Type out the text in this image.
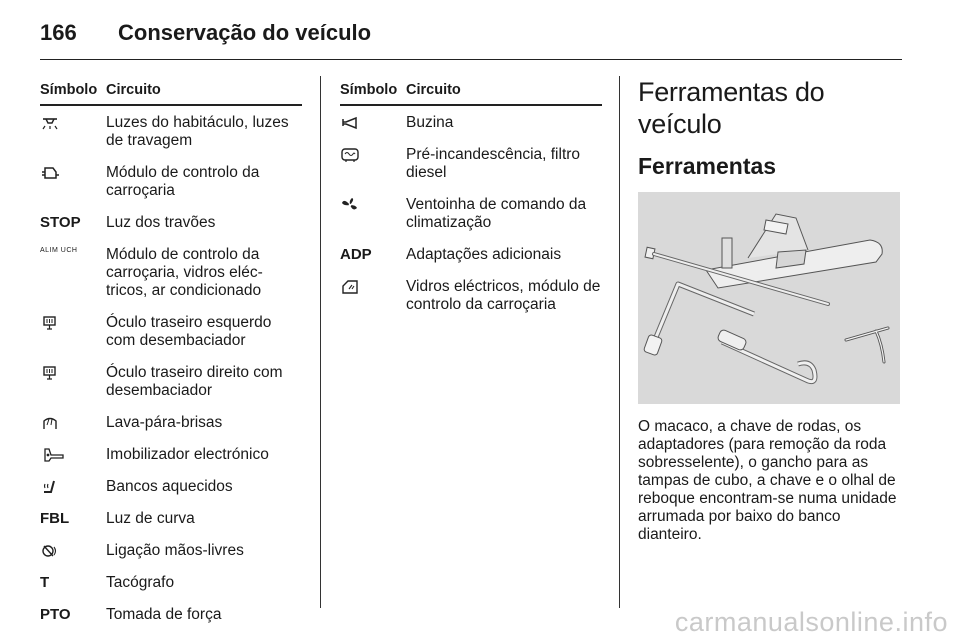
166 Conservação do veículo
Símbolo Circuito
Luzes do habitáculo, luzes de travagem
Módulo de controlo da carroçaria
STOP	Luz dos travões
ALIM UCH	Módulo de controlo da carroçaria, vidros eléc-tricos, ar condicionado
Óculo traseiro esquerdo com desembaciador
Óculo traseiro direito com desembaciador
Lava-pára-brisas
Imobilizador electrónico
Bancos aquecidos
FBL	Luz de curva
Ligação mãos-livres
T	Tacógrafo
PTO	Tomada de força
Símbolo Circuito
Buzina
Pré-incandescência, filtro diesel
Ventoinha de comando da climatização
ADP	Adaptações adicionais
Vidros eléctricos, módulo de controlo da carroçaria
Ferramentas do veículo
Ferramentas

O macaco, a chave de rodas, os adaptadores (para remoção da roda sobresselente), o gancho para as tampas de cubo, a chave e o olhal de reboque encontram-se numa unidade arrumada por baixo do banco dianteiro.

carmanualsonline.info
